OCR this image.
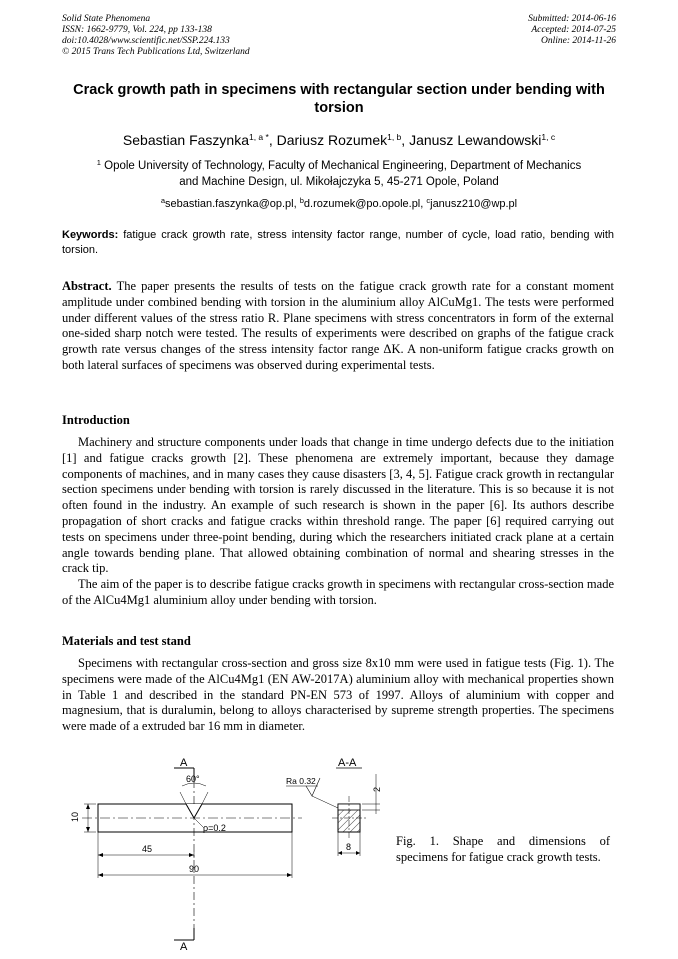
Solid State Phenomena
ISSN: 1662-9779, Vol. 224, pp 133-138
doi:10.4028/www.scientific.net/SSP.224.133
© 2015 Trans Tech Publications Ltd, Switzerland
Submitted: 2014-06-16
Accepted: 2014-07-25
Online: 2014-11-26
Crack growth path in specimens with rectangular section under bending with torsion
Sebastian Faszynka$^{1, a *}$, Dariusz Rozumek$^{1, b}$, Janusz Lewandowski$^{1, c}$
$^1$ Opole University of Technology, Faculty of Mechanical Engineering, Department of Mechanics
and Machine Design, ul. Mikołajczyka 5, 45-271 Opole, Poland
$^a$sebastian.faszynka@op.pl, $^b$d.rozumek@po.opole.pl, $^c$janusz210@wp.pl
Keywords: fatigue crack growth rate, stress intensity factor range, number of cycle, load ratio, bending with torsion.
Abstract. The paper presents the results of tests on the fatigue crack growth rate for a constant moment amplitude under combined bending with torsion in the aluminium alloy AlCuMg1. The tests were performed under different values of the stress ratio R. Plane specimens with stress concentrators in form of the external one-sided sharp notch were tested. The results of experiments were described on graphs of the fatigue crack growth rate versus changes of the stress intensity factor range ΔK. A non-uniform fatigue cracks growth on both lateral surfaces of specimens was observed during experimental tests.
Introduction

Machinery and structure components under loads that change in time undergo defects due to the initiation [1] and fatigue cracks growth [2]. These phenomena are extremely important, because they damage components of machines, and in many cases they cause disasters [3, 4, 5]. Fatigue crack growth in rectangular section specimens under bending with torsion is rarely discussed in the literature. This is so because it is not often found in the industry. An example of such research is shown in the paper [6]. Its authors describe propagation of short cracks and fatigue cracks within threshold range. The paper [6] required carrying out tests on specimens under three-point bending, during which the researchers initiated crack plane at a certain angle towards bending plane. That allowed obtaining combination of normal and shearing stresses in the crack tip.

The aim of the paper is to describe fatigue cracks growth in specimens with rectangular cross-section made of the AlCu4Mg1 aluminium alloy under bending with torsion.

Materials and test stand

Specimens with rectangular cross-section and gross size 8x10 mm were used in fatigue tests (Fig. 1). The specimens were made of the AlCu4Mg1 (EN AW-2017A) aluminium alloy with mechanical properties shown in Table 1 and described in the standard PN-EN 573 of 1997. Alloys of aluminium with copper and magnesium, that is duralumin, belong to alloys characterised by supreme strength properties. The specimens were made of a extruded bar 16 mm in diameter.

A
A
60°
ρ=0.2
10
45
90
A-A
Ra 0.32
2
8	Fig. 1. Shape and dimensions of specimens for fatigue crack growth tests.
